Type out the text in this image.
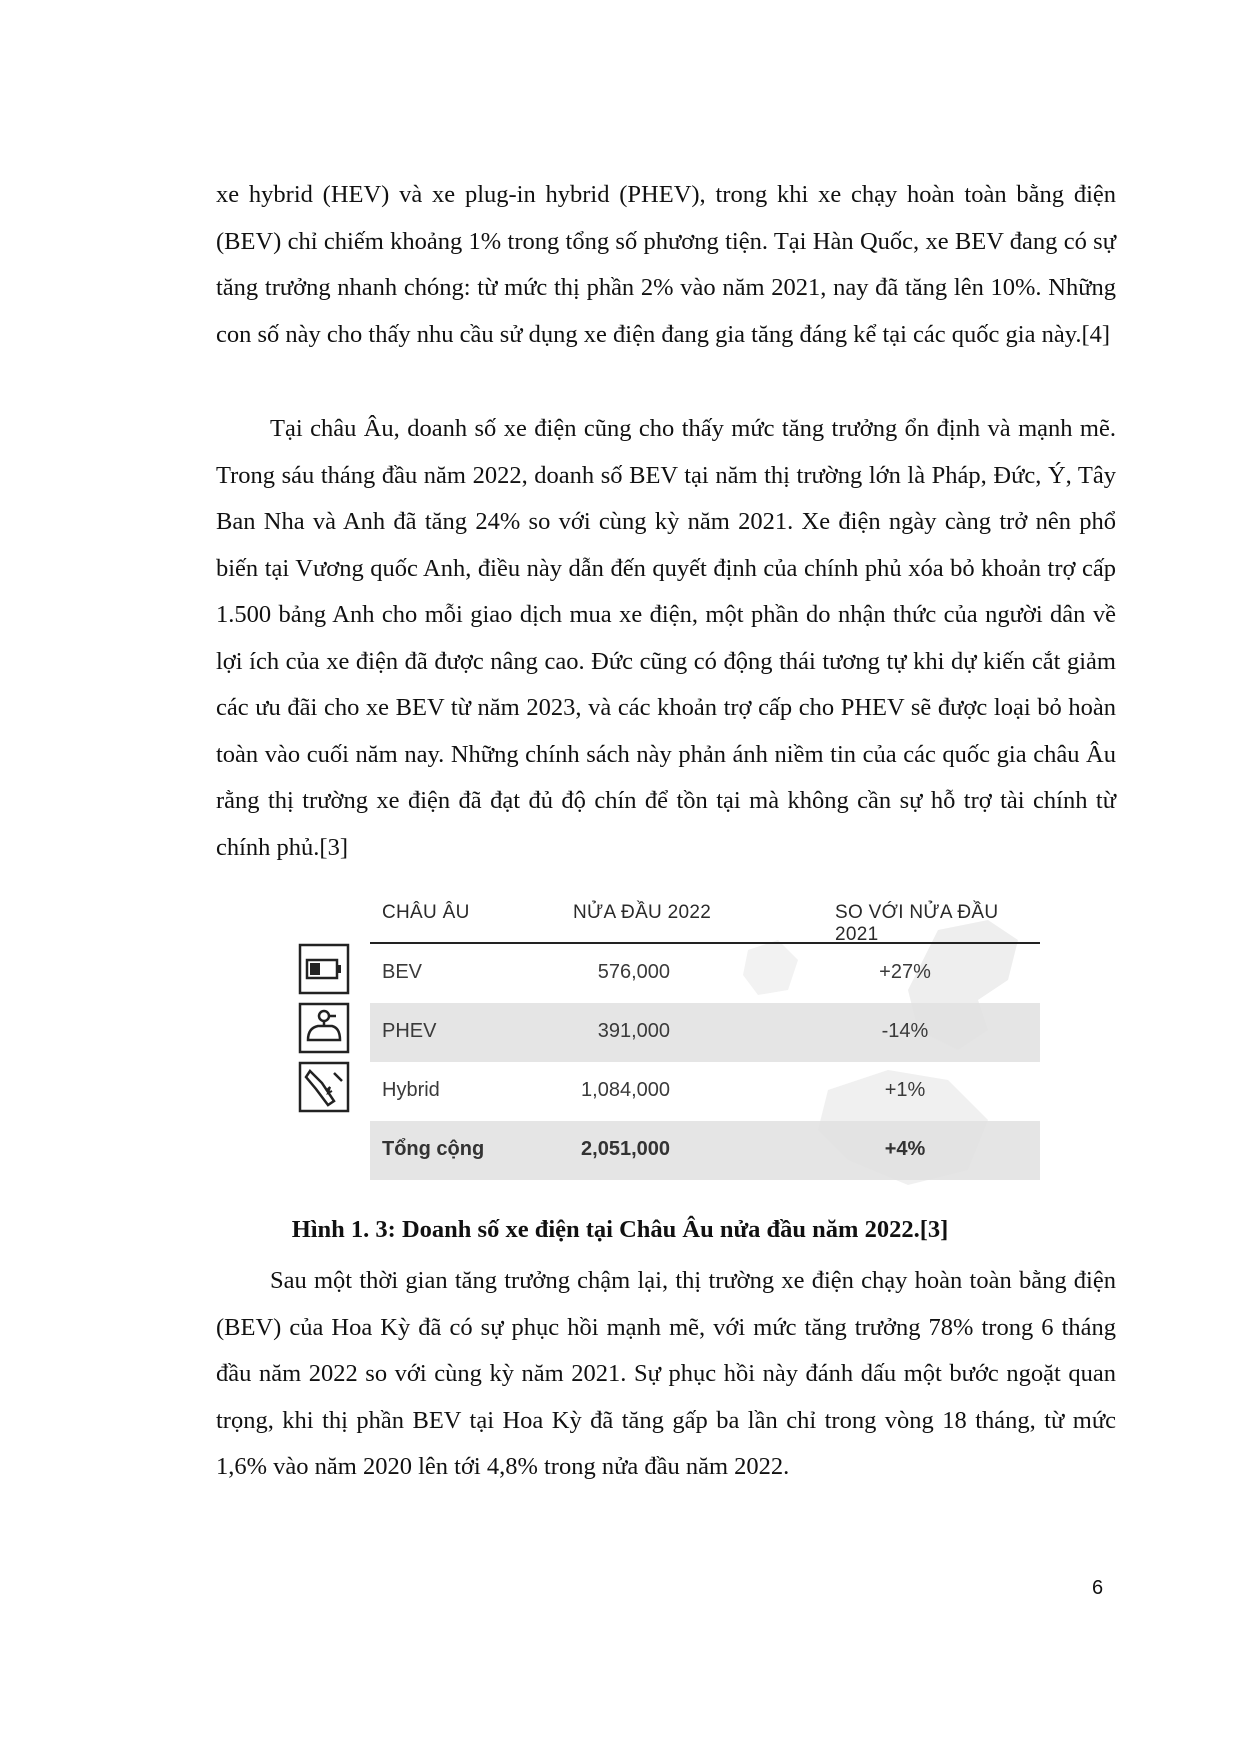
xe hybrid (HEV) và xe plug-in hybrid (PHEV), trong khi xe chạy hoàn toàn bằng điện (BEV) chỉ chiếm khoảng 1% trong tổng số phương tiện. Tại Hàn Quốc, xe BEV đang có sự tăng trưởng nhanh chóng: từ mức thị phần 2% vào năm 2021, nay đã tăng lên 10%. Những con số này cho thấy nhu cầu sử dụng xe điện đang gia tăng đáng kể tại các quốc gia này.[4]

Tại châu Âu, doanh số xe điện cũng cho thấy mức tăng trưởng ổn định và mạnh mẽ. Trong sáu tháng đầu năm 2022, doanh số BEV tại năm thị trường lớn là Pháp, Đức, Ý, Tây Ban Nha và Anh đã tăng 24% so với cùng kỳ năm 2021. Xe điện ngày càng trở nên phổ biến tại Vương quốc Anh, điều này dẫn đến quyết định của chính phủ xóa bỏ khoản trợ cấp 1.500 bảng Anh cho mỗi giao dịch mua xe điện, một phần do nhận thức của người dân về lợi ích của xe điện đã được nâng cao. Đức cũng có động thái tương tự khi dự kiến cắt giảm các ưu đãi cho xe BEV từ năm 2023, và các khoản trợ cấp cho PHEV sẽ được loại bỏ hoàn toàn vào cuối năm nay. Những chính sách này phản ánh niềm tin của các quốc gia châu Âu rằng thị trường xe điện đã đạt đủ độ chín để tồn tại mà không cần sự hỗ trợ tài chính từ chính phủ.[3]

CHÂU ÂU	NỬA ĐẦU 2022	SO VỚI NỬA ĐẦU 2021
BEV	576,000	+27%
PHEV	391,000	-14%
Hybrid	1,084,000	+1%
Tổng cộng	2,051,000	+4%
Hình 1. 3: Doanh số xe điện tại Châu Âu nửa đầu năm 2022.[3]

Sau một thời gian tăng trưởng chậm lại, thị trường xe điện chạy hoàn toàn bằng điện (BEV) của Hoa Kỳ đã có sự phục hồi mạnh mẽ, với mức tăng trưởng 78% trong 6 tháng đầu năm 2022 so với cùng kỳ năm 2021. Sự phục hồi này đánh dấu một bước ngoặt quan trọng, khi thị phần BEV tại Hoa Kỳ đã tăng gấp ba lần chỉ trong vòng 18 tháng, từ mức 1,6% vào năm 2020 lên tới 4,8% trong nửa đầu năm 2022.

6
